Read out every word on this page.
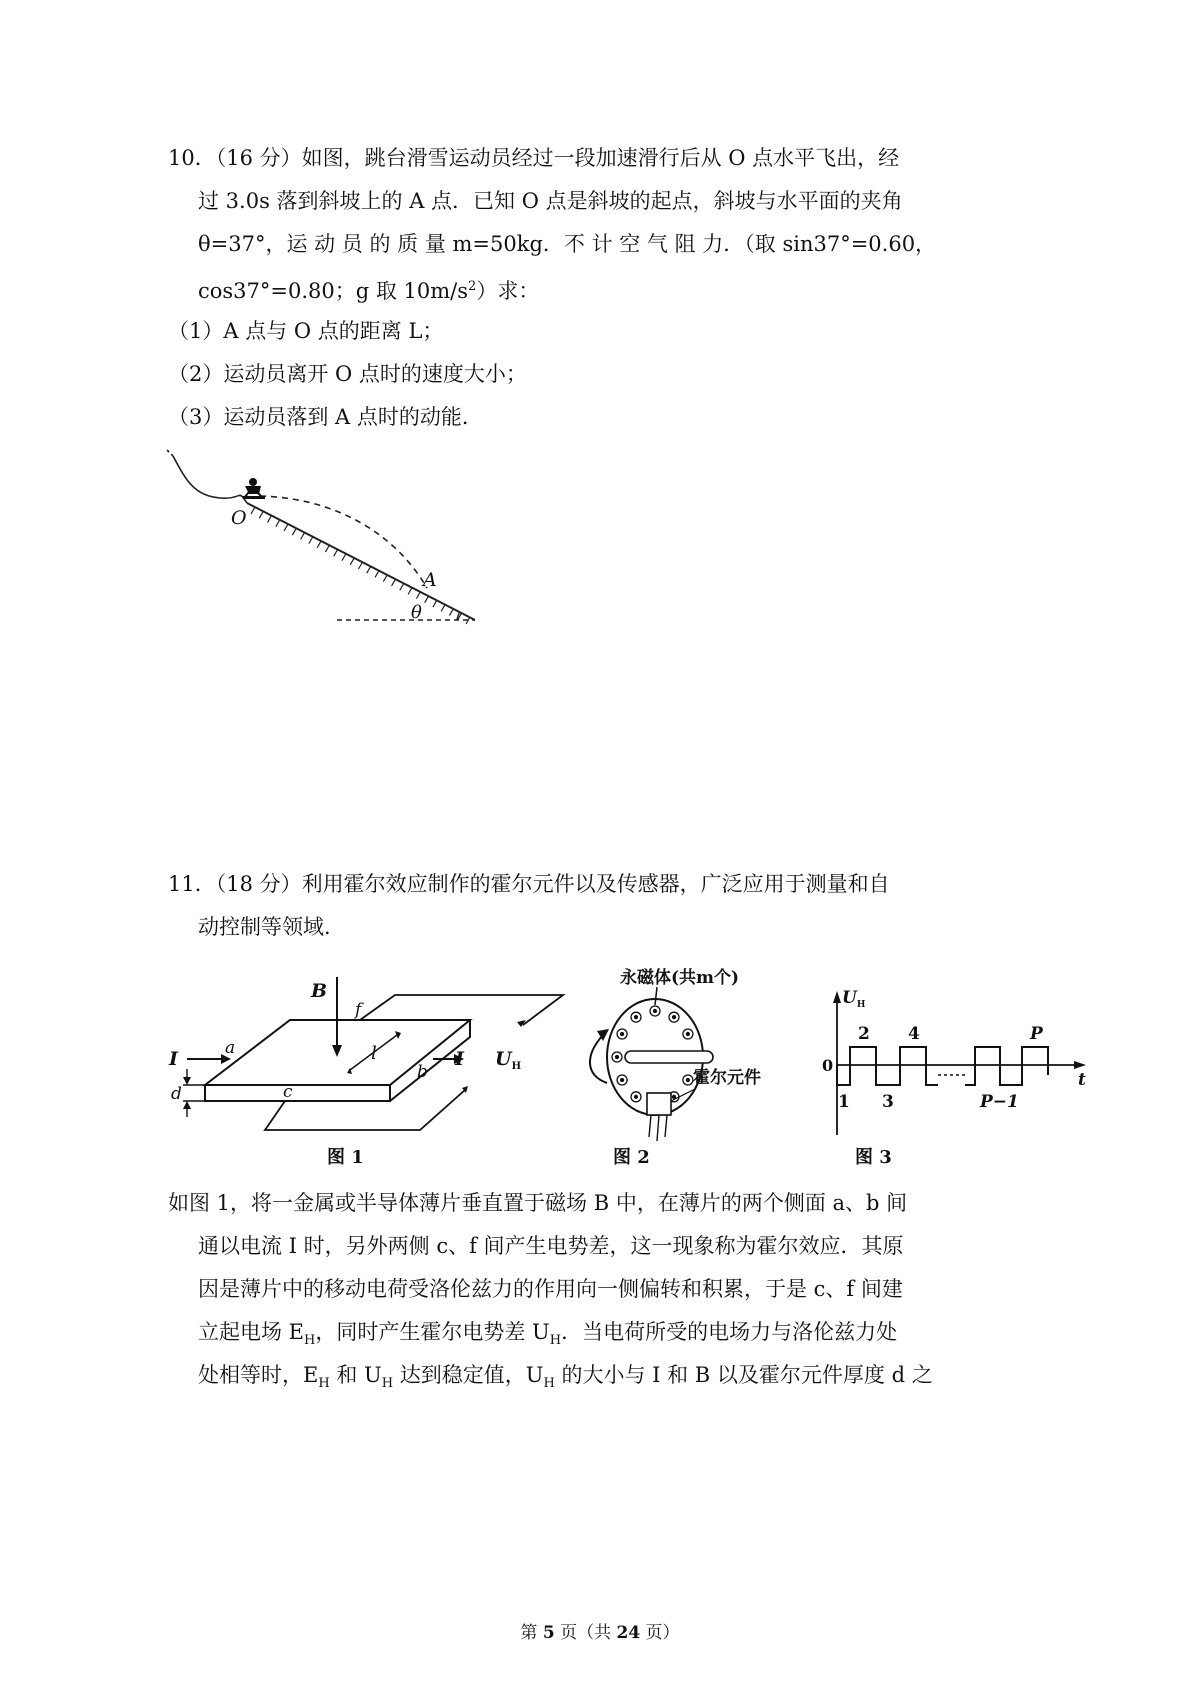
10．（16 分）如图，跳台滑雪运动员经过一段加速滑行后从 O 点水平飞出，经
过 3.0s 落到斜坡上的 A 点．已知 O 点是斜坡的起点，斜坡与水平面的夹角
θ=37°，运 动 员 的 质 量 m=50kg．不 计 空 气 阻 力．（取 sin37°=0.60，
cos37°=0.80；g 取 $10m/s^2$）求：
（1）A 点与 O 点的距离 L；
（2）运动员离开 O 点时的速度大小；
（3）运动员落到 A 点时的动能．
O
A
θ
11．（18 分）利用霍尔效应制作的霍尔元件以及传感器，广泛应用于测量和自
动控制等领域．
B
f
I	a	l
b
I $U_H$
d	c
图 1
永磁体(共m个)
霍尔元件
图 2
$U_H$
0
t
2 4	P
1 3	P−1
图 3
如图 1，将一金属或半导体薄片垂直置于磁场 B 中，在薄片的两个侧面 a、b 间
通以电流 I 时，另外两侧 c、f 间产生电势差，这一现象称为霍尔效应．其原
因是薄片中的移动电荷受洛伦兹力的作用向一侧偏转和积累，于是 c、f 间建
立起电场 $E_H$，同时产生霍尔电势差 $U_H$．当电荷所受的电场力与洛伦兹力处
处相等时，$E_H$ 和 $U_H$ 达到稳定值，$U_H$ 的大小与 I 和 B 以及霍尔元件厚度 d 之
第 5 页（共 24 页）
